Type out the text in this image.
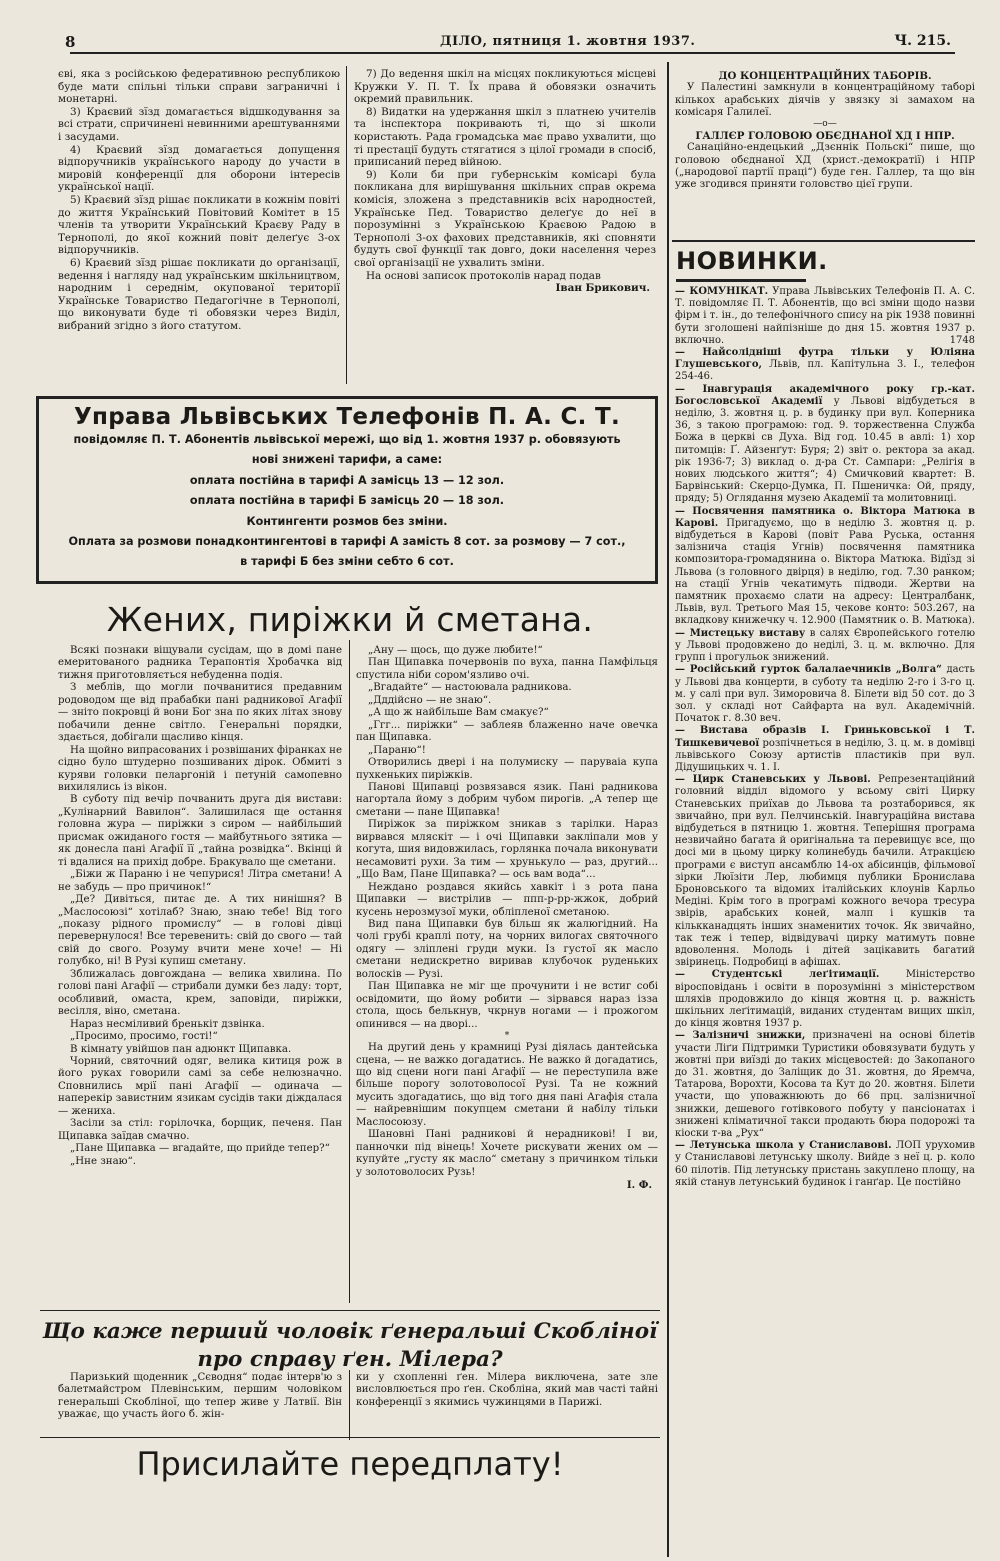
8	ДІЛО, пятниця 1. жовтня 1937.	Ч. 215.

єві, яка з російською федеративною республикою буде мати спільні тільки справи заграничні і монетарні.

3) Краєвий зїзд домагається відшкодування за всі страти, спричинені невинними арештуваннями і засудами.

4) Краєвий зїзд домагається допущення відпоручників українського народу до участи в мировій конференції для оборони інтересів української нації.

5) Краєвий зїзд рішає покликати в кожнім повіті до життя Український Повітовий Комітет в 15 членів та утворити Український Краєву Раду в Тернополі, до якої кожний повіт делеґує 3-ох відпоручників.

6) Краєвий зїзд рішає покликати до організації, ведення і нагляду над українським шкільництвом, народним і середнім, окупованої території Українське Товариство Педагогічне в Тернополі, що виконувати буде ті обовязки через Виділ, вибраний згідно з його статутом.

7) До ведення шкіл на місцях покликуються місцеві Кружки У. П. Т. Їх права й обовязки означить окремий правильник.

8) Видатки на удержання шкіл з платнею учителів та інспектора покривають ті, що зі школи користають. Рада громадська має право ухвалити, що ті престації будуть стягатися з цілої громади в спосіб, приписаний перед війною.

9) Коли би при губернськім комісарі була покликана для вирішування шкільних справ окрема комісія, зложена з представників всіх народностей, Українське Пед. Товариство делеґує до неї в порозумінні з Українською Краєвою Радою в Тернополі 3-ох фахових представників, які сповняти будуть свої функції так довго, доки населення через свої організації не ухвалить зміни.

На основі записок протоколів нарад подав

Іван Брикович.
Управа Львівських Телефонів П. А. С. Т.
повідомляє П. Т. Абонентів львівської мережі, що від 1. жовтня 1937 р. обовязують
нові знижені тарифи, а саме:
оплата постійна в тарифі А замісць 13 — 12 зол.
оплата постійна в тарифі Б замісць 20 — 18 зол.
Контингенти розмов без зміни.
Оплата за розмови понадконтингентові в тарифі А замість 8 сот. за розмову — 7 сот.,
в тарифі Б без зміни себто 6 сот.
Жених, пиріжки й сметана.

Всякі познаки віщували сусідам, що в домі пане емеритованого радника Терапонтія Хробачка від тижня приготовляється небуденна подія.

З меблів, що могли почванитися предавним родоводом ще від прабабки пані радникової Агафії — зніто покровці й вони Бог зна по яких літах знову побачили денне світло. Генеральні порядки, здається, добігали щасливо кінця.

На щойно випрасованих і розвішаних фіранках не сідно було штудерно позшиваних дірок. Обмиті з куряви головки пеларгоній і петуній самопевно вихилялись із вікон.

В суботу під вечір почванить друга дія вистави: „Кулінарний Вавилон“. Залишилася ще остання головна журa — пиріжки з сиром — найбільший присмак ожиданого гостя — майбутнього зятика — як донесла пані Агафії її „тайна розвідка“. Вкінці й ті вдалися на прихід добре. Бракувало ще сметани.

„Біжи ж Параню і не чепурися! Літра сметани! А не забудь — про причинок!“

„Де? Дивіться, питає де. А тих нинішня? В „Маслосоюзі“ хотілаб? Знаю, знаю тебе! Від того „показу рідного промислу“ — в голові дівці перевернулося! Все теревенить: свій до свого — тай свій до свого. Розуму вчити мене хоче! — Ні голубко, ні! В Рузі купиш сметану.

Зближалась довгождана — велика хвилина. По голові пані Агафії — стрибали думки без ладу: торт, особливий, омаста, крем, заповіди, пиріжки, весілля, віно, сметана.

Нараз несміливий бренькіт дзвінка.

„Просимо, просимо, гості!“

В кімнату увійшов пан адюнкт Щипавка.

Чорний, святочний одяг, велика китиця рож в його руках говорили самі за себе нелюзначно. Сповнились мрії пані Агафії — одинача — наперекір завистним язикам сусідів таки діждалася — жениха.

Засіли за стіл: горілочка, борщик, печеня. Пан Щипавка заїдав смачно.

„Пане Щипавка — вгадайте, що прийде тепер?“

„Нне знаю“.

„Ану — щось, що дуже любите!“

Пан Щипавка почервонів по вуха, панна Памфільця спустила ніби сором'язливо очі.

„Вгадайте“ — настоювала радникова.

„Дддійсно — не знаю“.

„А що ж найбільше Вам смакує?“

„Ггг... пиріжки“ — заблеяв блаженно наче овечка пан Щипавка.

„Параню“!

Отворились двері і на полумиску — паруваіа купа пухкеньких пиріжків.

Панові Щипавці розвязався язик. Пані радникова нагортала йому з добрим чубом пирогів. „А тепер ще сметани — пане Щипавка!

Пиріжок за пиріжком зникав з тарілки. Нараз вирвався мляскіт — і очі Щипавки закліпали мов у когута, шия видовжилась, горлянка почала виконувати несамовиті рухи. За тим — хрунькуло — раз, другий... „Що Вам, Пане Щипавка? — ось вам вода“...

Нежданo роздався якийсь хавкіт і з рота пана Щипавки — вистрілив — ппп-р-рр-жжок, добрий кусень нерозмузої муки, обліпленої сметаною.

Вид пана Щипавки був більш як жалюгідний. На чолі грубі краплі поту, на чорних вилогах святочного одягу — зліплені груди муки. Із густої як масло сметани недискретно виривав клубочок руденьких волосків — Рузі.

Пан Щипавка не міг ще прочунити і не встиг собі освідомити, що йому робити — зірвався нараз ізза стола, щось белькнув, чкрнув ногами — і прожогом опинився — на дворі...

*

На другий день у крамниці Рузі діялась дантейська сцена, — не важко догадатись. Не важко й догадатись, що від сцени ноги пані Агафії — не переступила вже більше порогу золотоволосої Рузі. Та не кожний мусить здогадатись, що від того дня пані Агафія стала — найревнішим покупцем сметани й набілу тільки Маслосоюзу.

Шановні Пані радникові й нерадникові! І ви, панночки під вінець! Хочете рискувати жених ом — купуйте „густу як масло“ сметану з причинком тільки у золотоволосих Рузь!

І. Ф.
Що каже перший чоловік ґенеральші Скоблінoї
про справу ґен. Мілера?

Паризький щоденник „Сєводня“ подає інтерв'ю з балетмайстром Плевінським, першим чоловіком генеральші Скоблінoї, що тепер живе у Латвії. Він уважає, що участь його б. жін-

ки у схопленні ґен. Мілера виключена, зате зле висловлюється про ґен. Скобліна, який мав часті тайні конференції з якимись чужинцями в Парижі.

Присилайте передплату!

ДО КОНЦЕНТРАЦІЙНИХ ТАБОРІВ.

У Палестині замкнули в концентраційному таборі кількох арабських діячів у звязку зі замахом на комісаря Галилеї.

—o—

ГАЛЛЄР ГОЛОВОЮ ОБЄДНАНОЇ ХД І НПР.

Санаційно-ендецький „Дзєннік Польскі“ пише, що головою обєднаної ХД (христ.-демократії) і НПР („народової партії праці“) буде ген. Галлер, та що він уже згодився приняти головство цієї групи.

НОВИНКИ.

— КОМУНІКАТ. Управа Львівських Телефонів П. А. С. Т. повідомляє П. Т. Абонентів, що всі зміни щодо назви фірм і т. ін., до телефонічного спису на рік 1938 повинні бути зголошені найпізніше до дня 15. жовтня 1937 р. включно.	1748

— Найсолідніші футра тільки у Юліяна Глушевського, Львів, пл. Капітульна 3. І., телефон 254-46.

— Інавгурація академічного року гр.-кат. Богословської Академії у Львові відбудеться в неділю, 3. жовтня ц. р. в будинку при вул. Коперника 36, з такою програмою: год. 9. торжественна Служба Божа в церкві св Духа. Від год. 10.45 в авлі: 1) хор питомців: Ґ. Айзенґут: Буря; 2) звіт о. ректора за акад. рік 1936-7; 3) виклад о. д-ра Ст. Сампари: „Релігія в нових людського життя“; 4) Смичковий квартет: В. Барвінський: Скерцо-Думка, П. Пшеничка: Ой, пряду, пряду; 5) Оглядання музею Академії та молитовниці.

— Посвячення памятника о. Віктора Матюка в Карові. Пригадуємо, що в неділю 3. жовтня ц. р. відбудеться в Карові (повіт Рава Руська, остання залізнича стація Угнів) посвячення памятника композитора-громадянина о. Віктора Матюка. Відїзд зі Львова (з головного двірця) в неділю, год. 7.30 ранком; на стації Угнів чекатимуть підводи. Жертви на памятник прохаємо слати на адресу: Централбанк, Львів, вул. Третього Мая 15, чекове конто: 503.267, на вкладкову книжечку ч. 12.900 (Памятник о. В. Матюка).

— Мистецьку виставу в салях Європейського готелю у Львові продовжено до неділі, 3. ц. м. включно. Для групп і прогульок знижений.

— Російський гурток балалаечників „Волга“ дасть у Львові два концерти, в суботу та неділю 2-го і 3-го ц. м. у салі при вул. Зиморовича 8. Білети від 50 сот. до 3 зол. у складі нот Сайфарта на вул. Академічній. Початок г. 8.30 веч.

— Вистава образів І. Гриньковської і Т. Тишкевичевої розпічнеться в неділю, 3. ц. м. в домівці львівського Союзу артистів пластиків при вул. Дідушицьких ч. 1. І.

— Цирк Станевських у Львові. Репрезентаційний головний відділ відомого у всьому світі Цирку Станевських приїхав до Львова та розтаборився, як звичайно, при вул. Пелчинській. Інавгураційна вистава відбудеться в пятницю 1. жовтня. Теперішня програма незвичайно багата й оригінальна та перевищує все, що досі ми в цьому цирку колинебудь бачили. Атракцією програми є виступ ансамблю 14-ох абісинців, фільмової зірки Люїзіти Лер, любимця публики Бронислава Броновського та відомих італійських клоунів Карльо Медіні. Крім того в програмі кожного вечора тресура звірів, арабських коней, малп і кушків та кількканадцять інших знаменитих точок. Як звичайно, так теж і тепер, відвідувачі цирку матимуть повне вдоволення. Молодь і дітей зацікавить багатий звіринець. Подробиці в афішах.

— Студентські леґітимації.	Міністерство віросповідань і освіти в порозумінні з міністерством шляхів продовжило до кінця жовтня ц. р. важність шкільних леґітимацій, виданих студентам вищих шкіл, до кінця жовтня 1937 р.

— Залізничі знижки, призначені на основі білетів участи Ліґи Підтримки Туристики обовязувати будуть у жовтні при виїзді до таких місцевостей: до Закопаного до 31. жовтня, до Заліщик до 31. жовтня, до Яремча, Татарова, Ворохти, Косова та Кут до 20. жовтня. Білети участи, що уповажнюють до 66 прц. залізничної знижки, дешевого готівкового побуту у пансіонатах і знижені кліматичної такси продають бюра подорожі та кіоски т-ва „Рух“

— Летунська школа у Станиславові. ЛОП урухомив у Станиславові летунську школу. Вийде з неї ц. р. коло 60 пілотів. Під летунську пристань закуплено площу, на якій станув летунський будинок і ганґар. Це постійно
